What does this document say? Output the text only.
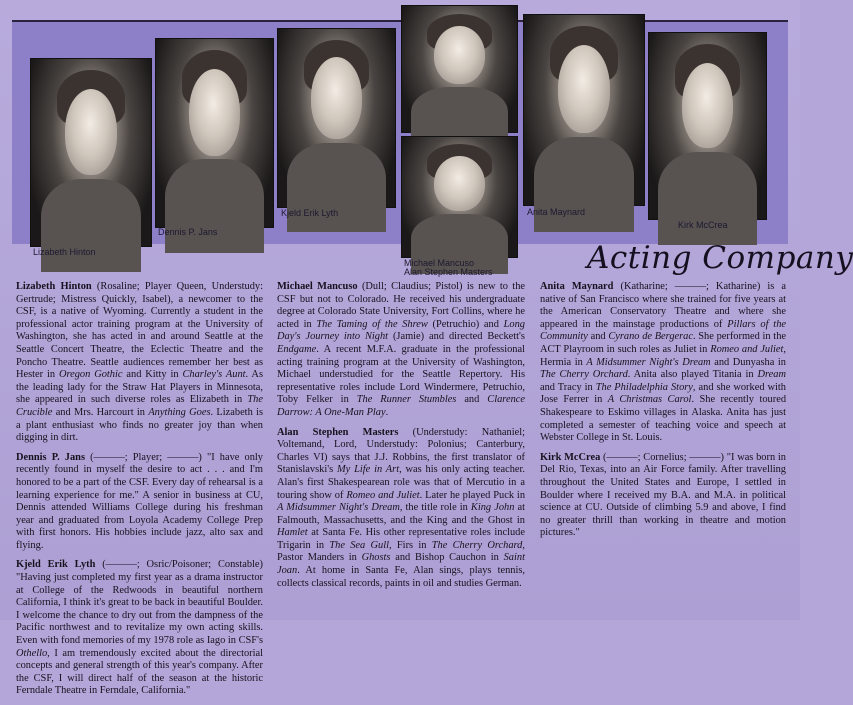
Lizabeth Hinton
Dennis P. Jans
Kjeld Erik Lyth
Michael Mancuso
Alan Stephen Masters
Anita Maynard
Kirk McCrea
Acting Company

Lizabeth Hinton (Rosaline; Player Queen, Understudy: Gertrude; Mistress Quickly, Isabel), a newcomer to the CSF, is a native of Wyoming. Currently a student in the professional actor training program at the University of Washington, she has acted in and around Seattle at the Seattle Concert Theatre, the Eclectic Theatre and the Poncho Theatre. Seattle audiences remember her best as Hester in Oregon Gothic and Kitty in Charley's Aunt. As the leading lady for the Straw Hat Players in Minnesota, she appeared in such diverse roles as Elizabeth in The Crucible and Mrs. Harcourt in Anything Goes. Lizabeth is a plant enthusiast who finds no greater joy than when digging in dirt.

Dennis P. Jans (———; Player; ———) "I have only recently found in myself the desire to act . . . and I'm honored to be a part of the CSF. Every day of rehearsal is a learning experience for me." A senior in business at CU, Dennis attended Williams College during his freshman year and graduated from Loyola Academy College Prep with first honors. His hobbies include jazz, alto sax and flying.

Kjeld Erik Lyth (———; Osric/Poisoner; Constable) "Having just completed my first year as a drama instructor at College of the Redwoods in beautiful northern California, I think it's great to be back in beautiful Boulder. I welcome the chance to dry out from the dampness of the Pacific northwest and to revitalize my own acting skills. Even with fond memories of my 1978 role as Iago in CSF's Othello, I am tremendously excited about the directorial concepts and general strength of this year's company. After the CSF, I will direct half of the season at the historic Ferndale Theatre in Ferndale, California."

Michael Mancuso (Dull; Claudius; Pistol) is new to the CSF but not to Colorado. He received his undergraduate degree at Colorado State University, Fort Collins, where he acted in The Taming of the Shrew (Petruchio) and Long Day's Journey into Night (Jamie) and directed Beckett's Endgame. A recent M.F.A. graduate in the professional acting training program at the University of Washington, Michael understudied for the Seattle Repertory. His representative roles include Lord Windermere, Petruchio, Toby Felker in The Runner Stumbles and Clarence Darrow: A One-Man Play.

Alan Stephen Masters (Understudy: Nathaniel; Voltemand, Lord, Understudy: Polonius; Canterbury, Charles VI) says that J.J. Robbins, the first translator of Stanislavski's My Life in Art, was his only acting teacher. Alan's first Shakespearean role was that of Mercutio in a touring show of Romeo and Juliet. Later he played Puck in A Midsummer Night's Dream, the title role in King John at Falmouth, Massachusetts, and the King and the Ghost in Hamlet at Santa Fe. His other representative roles include Trigarin in The Sea Gull, Firs in The Cherry Orchard, Pastor Manders in Ghosts and Bishop Cauchon in Saint Joan. At home in Santa Fe, Alan sings, plays tennis, collects classical records, paints in oil and studies German.

Anita Maynard (Katharine; ———; Katharine) is a native of San Francisco where she trained for five years at the American Conservatory Theatre and where she appeared in the mainstage productions of Pillars of the Community and Cyrano de Bergerac. She performed in the ACT Playroom in such roles as Juliet in Romeo and Juliet, Hermia in A Midsummer Night's Dream and Dunyasha in The Cherry Orchard. Anita also played Titania in Dream and Tracy in The Philadelphia Story, and she worked with Jose Ferrer in A Christmas Carol. She recently toured Shakespeare to Eskimo villages in Alaska. Anita has just completed a semester of teaching voice and speech at Webster College in St. Louis.

Kirk McCrea (———; Cornelius; ———) "I was born in Del Rio, Texas, into an Air Force family. After travelling throughout the United States and Europe, I settled in Boulder where I received my B.A. and M.A. in political science at CU. Outside of climbing 5.9 and above, I find no greater thrill than working in theatre and motion pictures."
